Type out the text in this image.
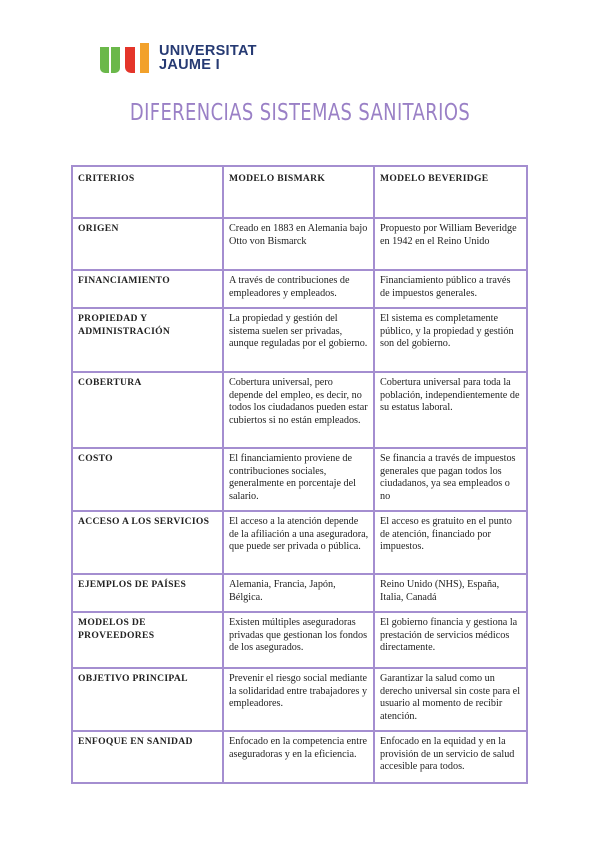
UNIVERSITAT
JAUME I
DIFERENCIAS SISTEMAS SANITARIOS
CRITERIOS	MODELO BISMARK	MODELO BEVERIDGE
ORIGEN	Creado en 1883 en Alemania bajo Otto von Bismarck	Propuesto por William Beveridge en 1942 en el Reino Unido
FINANCIAMIENTO	A través de contribuciones de empleadores y empleados.	Financiamiento público a través de impuestos generales.
PROPIEDAD Y ADMINISTRACIÓN	La propiedad y gestión del sistema suelen ser privadas, aunque reguladas por el gobierno.	El sistema es completamente público, y la propiedad y gestión son del gobierno.
COBERTURA	Cobertura universal, pero depende del empleo, es decir, no todos los ciudadanos pueden estar cubiertos si no están empleados.	Cobertura universal para toda la población, independientemente de su estatus laboral.
COSTO	El financiamiento proviene de contribuciones sociales, generalmente en porcentaje del salario.	Se financia a través de impuestos generales que pagan todos los ciudadanos, ya sea empleados o no
ACCESO A LOS SERVICIOS	El acceso a la atención depende de la afiliación a una aseguradora, que puede ser privada o pública.	El acceso es gratuito en el punto de atención, financiado por impuestos.
EJEMPLOS DE PAÍSES	Alemania, Francia, Japón, Bélgica.	Reino Unido (NHS), España, Italia, Canadá
MODELOS DE PROVEEDORES	Existen múltiples aseguradoras privadas que gestionan los fondos de los asegurados.	El gobierno financia y gestiona la prestación de servicios médicos directamente.
OBJETIVO PRINCIPAL	Prevenir el riesgo social mediante la solidaridad entre trabajadores y empleadores.	Garantizar la salud como un derecho universal sin coste para el usuario al momento de recibir atención.
ENFOQUE EN SANIDAD	Enfocado en la competencia entre aseguradoras y en la eficiencia.	Enfocado en la equidad y en la provisión de un servicio de salud accesible para todos.
